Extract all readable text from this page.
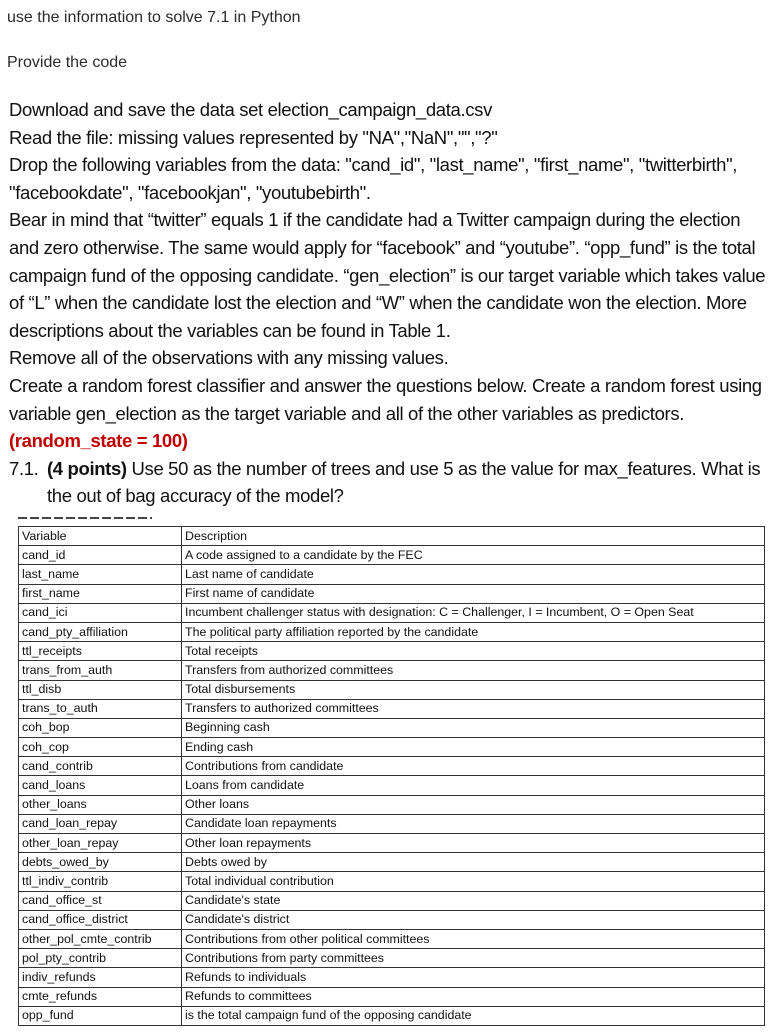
use the information to solve 7.1 in Python
Provide the code

Download and save the data set election_campaign_data.csv

Read the file: missing values represented by "NA","NaN","","?"

Drop the following variables from the data: "cand_id", "last_name", "first_name", "twitterbirth", "facebookdate", "facebookjan", "youtubebirth".

Bear in mind that “twitter” equals 1 if the candidate had a Twitter campaign during the election and zero otherwise. The same would apply for “facebook” and “youtube”. “opp_fund” is the total campaign fund of the opposing candidate. “gen_election” is our target variable which takes value of “L” when the candidate lost the election and “W” when the candidate won the election. More descriptions about the variables can be found in Table 1.

Remove all of the observations with any missing values.

Create a random forest classifier and answer the questions below. Create a random forest using variable gen_election as the target variable and all of the other variables as predictors.

(random_state = 100)

7.1. (4 points) Use 50 as the number of trees and use 5 as the value for max_features. What is the out of bag accuracy of the model?
Variable	Description
cand_id	A code assigned to a candidate by the FEC
last_name	Last name of candidate
first_name	First name of candidate
cand_ici	Incumbent challenger status with designation: C = Challenger, I = Incumbent, O = Open Seat
cand_pty_affiliation	The political party affiliation reported by the candidate
ttl_receipts	Total receipts
trans_from_auth	Transfers from authorized committees
ttl_disb	Total disbursements
trans_to_auth	Transfers to authorized committees
coh_bop	Beginning cash
coh_cop	Ending cash
cand_contrib	Contributions from candidate
cand_loans	Loans from candidate
other_loans	Other loans
cand_loan_repay	Candidate loan repayments
other_loan_repay	Other loan repayments
debts_owed_by	Debts owed by
ttl_indiv_contrib	Total individual contribution
cand_office_st	Candidate's state
cand_office_district	Candidate's district
other_pol_cmte_contrib	Contributions from other political committees
pol_pty_contrib	Contributions from party committees
indiv_refunds	Refunds to individuals
cmte_refunds	Refunds to committees
opp_fund	is the total campaign fund of the opposing candidate
